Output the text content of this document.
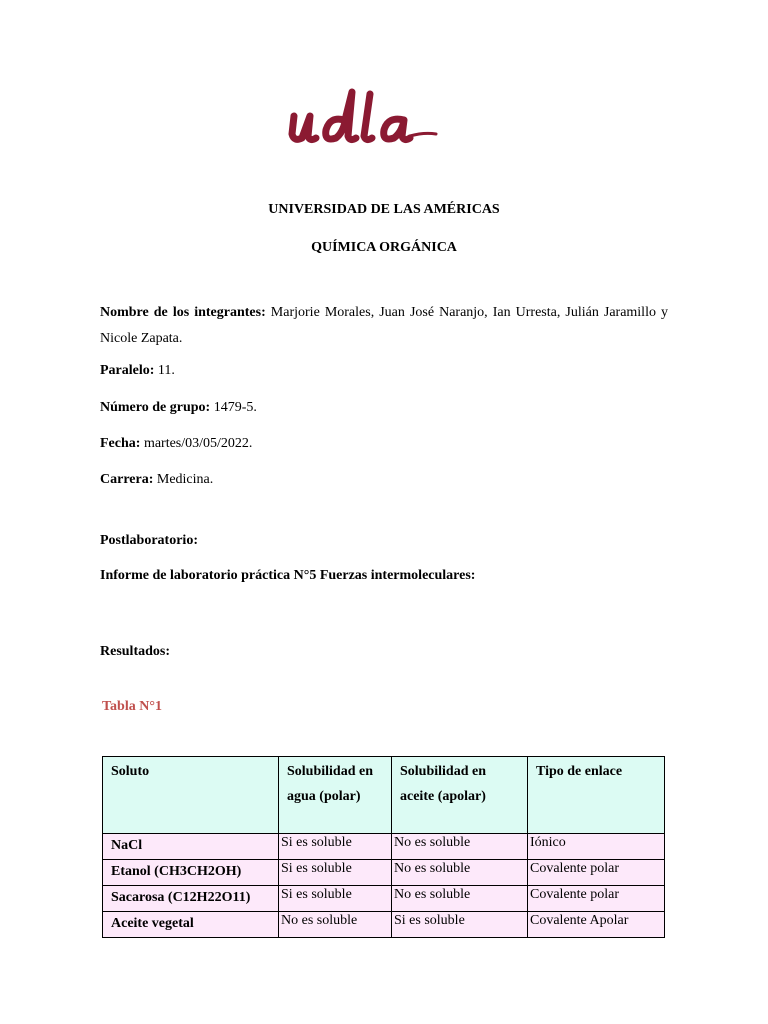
UNIVERSIDAD DE LAS AMÉRICAS
QUÍMICA ORGÁNICA
Nombre de los integrantes: Marjorie Morales, Juan José Naranjo, Ian Urresta, Julián Jaramillo y Nicole Zapata.
Paralelo: 11.
Número de grupo: 1479-5.
Fecha: martes/03/05/2022.
Carrera: Medicina.
Postlaboratorio:
Informe de laboratorio práctica N°5 Fuerzas intermoleculares:
Resultados:
Tabla N°1
Soluto	Solubilidad en agua (polar)	Solubilidad en aceite (apolar)	Tipo de enlace
NaCl	Si es soluble	No es soluble	Iónico
Etanol (CH3CH2OH)	Si es soluble	No es soluble	Covalente polar
Sacarosa (C12H22O11)	Si es soluble	No es soluble	Covalente polar
Aceite vegetal	No es soluble	Si es soluble	Covalente Apolar
